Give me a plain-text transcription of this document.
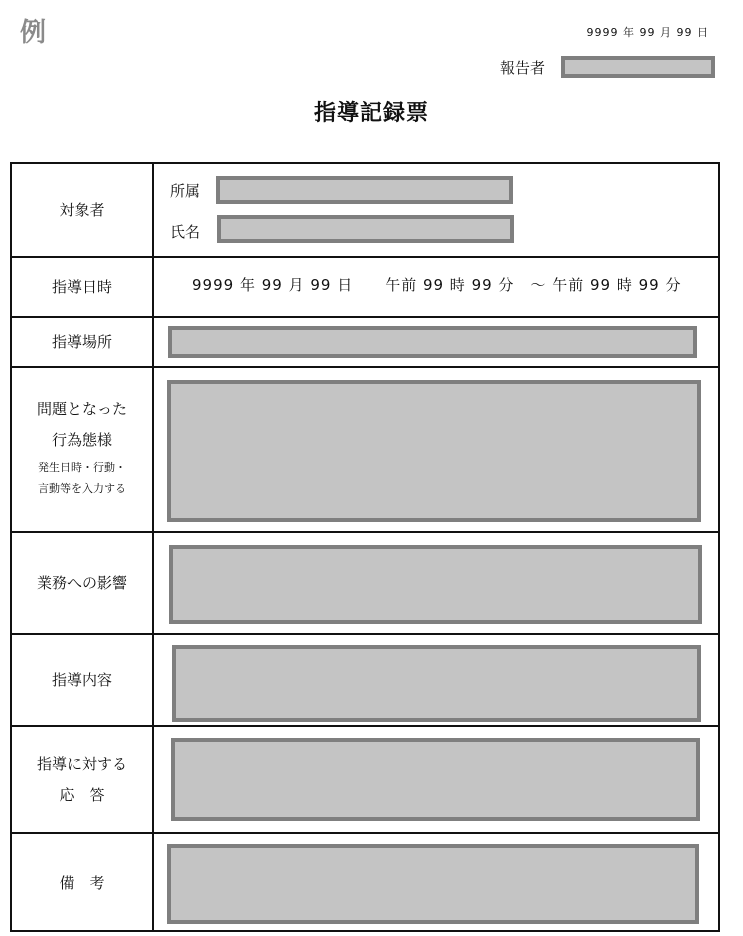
例	9999 年 99 月 99 日
報告者
指導記録票
対象者
所属
氏名
指導日時	9999 年 99 月 99 日　　午前 99 時 99 分　～ 午前 99 時 99 分
指導場所
問題となった
行為態様
発生日時・行動・
言動等を入力する
業務への影響
指導内容
指導に対する
応　答
備　考
